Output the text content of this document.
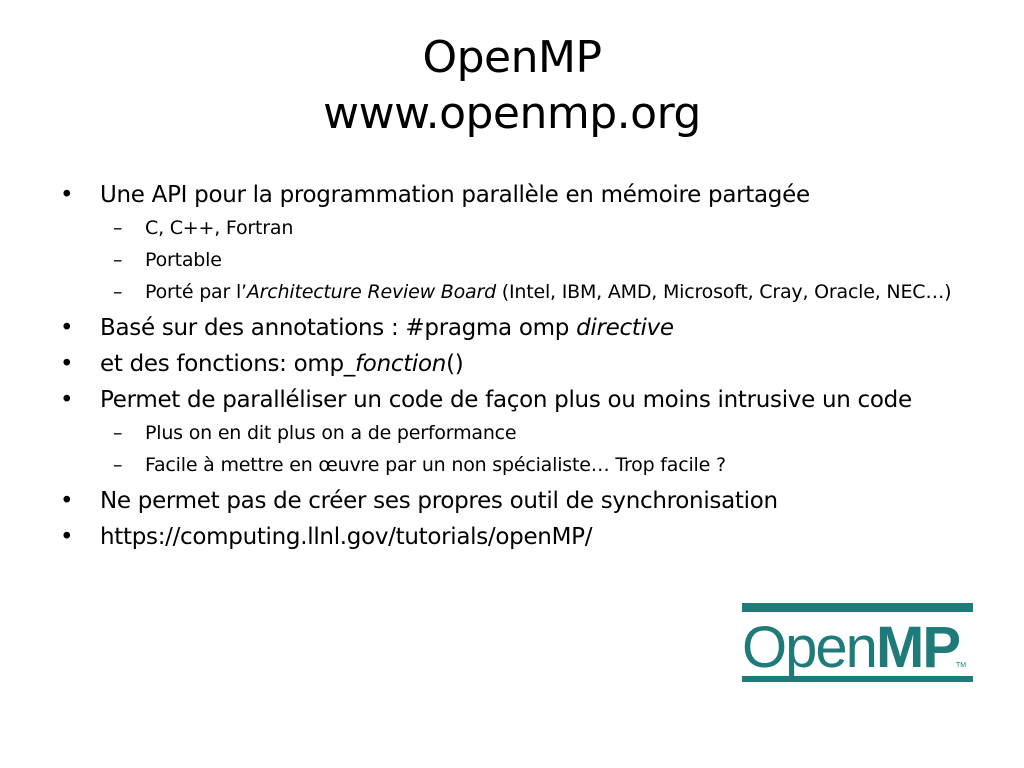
OpenMP
www.openmp.org
• Une API pour la programmation parallèle en mémoire partagée
– C, C++, Fortran
– Portable
– Porté par l’Architecture Review Board (Intel, IBM, AMD, Microsoft, Cray, Oracle, NEC…)
• Basé sur des annotations : #pragma omp directive
• et des fonctions: omp_fonction()
• Permet de paralléliser un code de façon plus ou moins intrusive un code
– Plus on en dit plus on a de performance
– Facile à mettre en œuvre par un non spécialiste… Trop facile ?
• Ne permet pas de créer ses propres outil de synchronisation
• https://computing.llnl.gov/tutorials/openMP/
Open MP
TM
